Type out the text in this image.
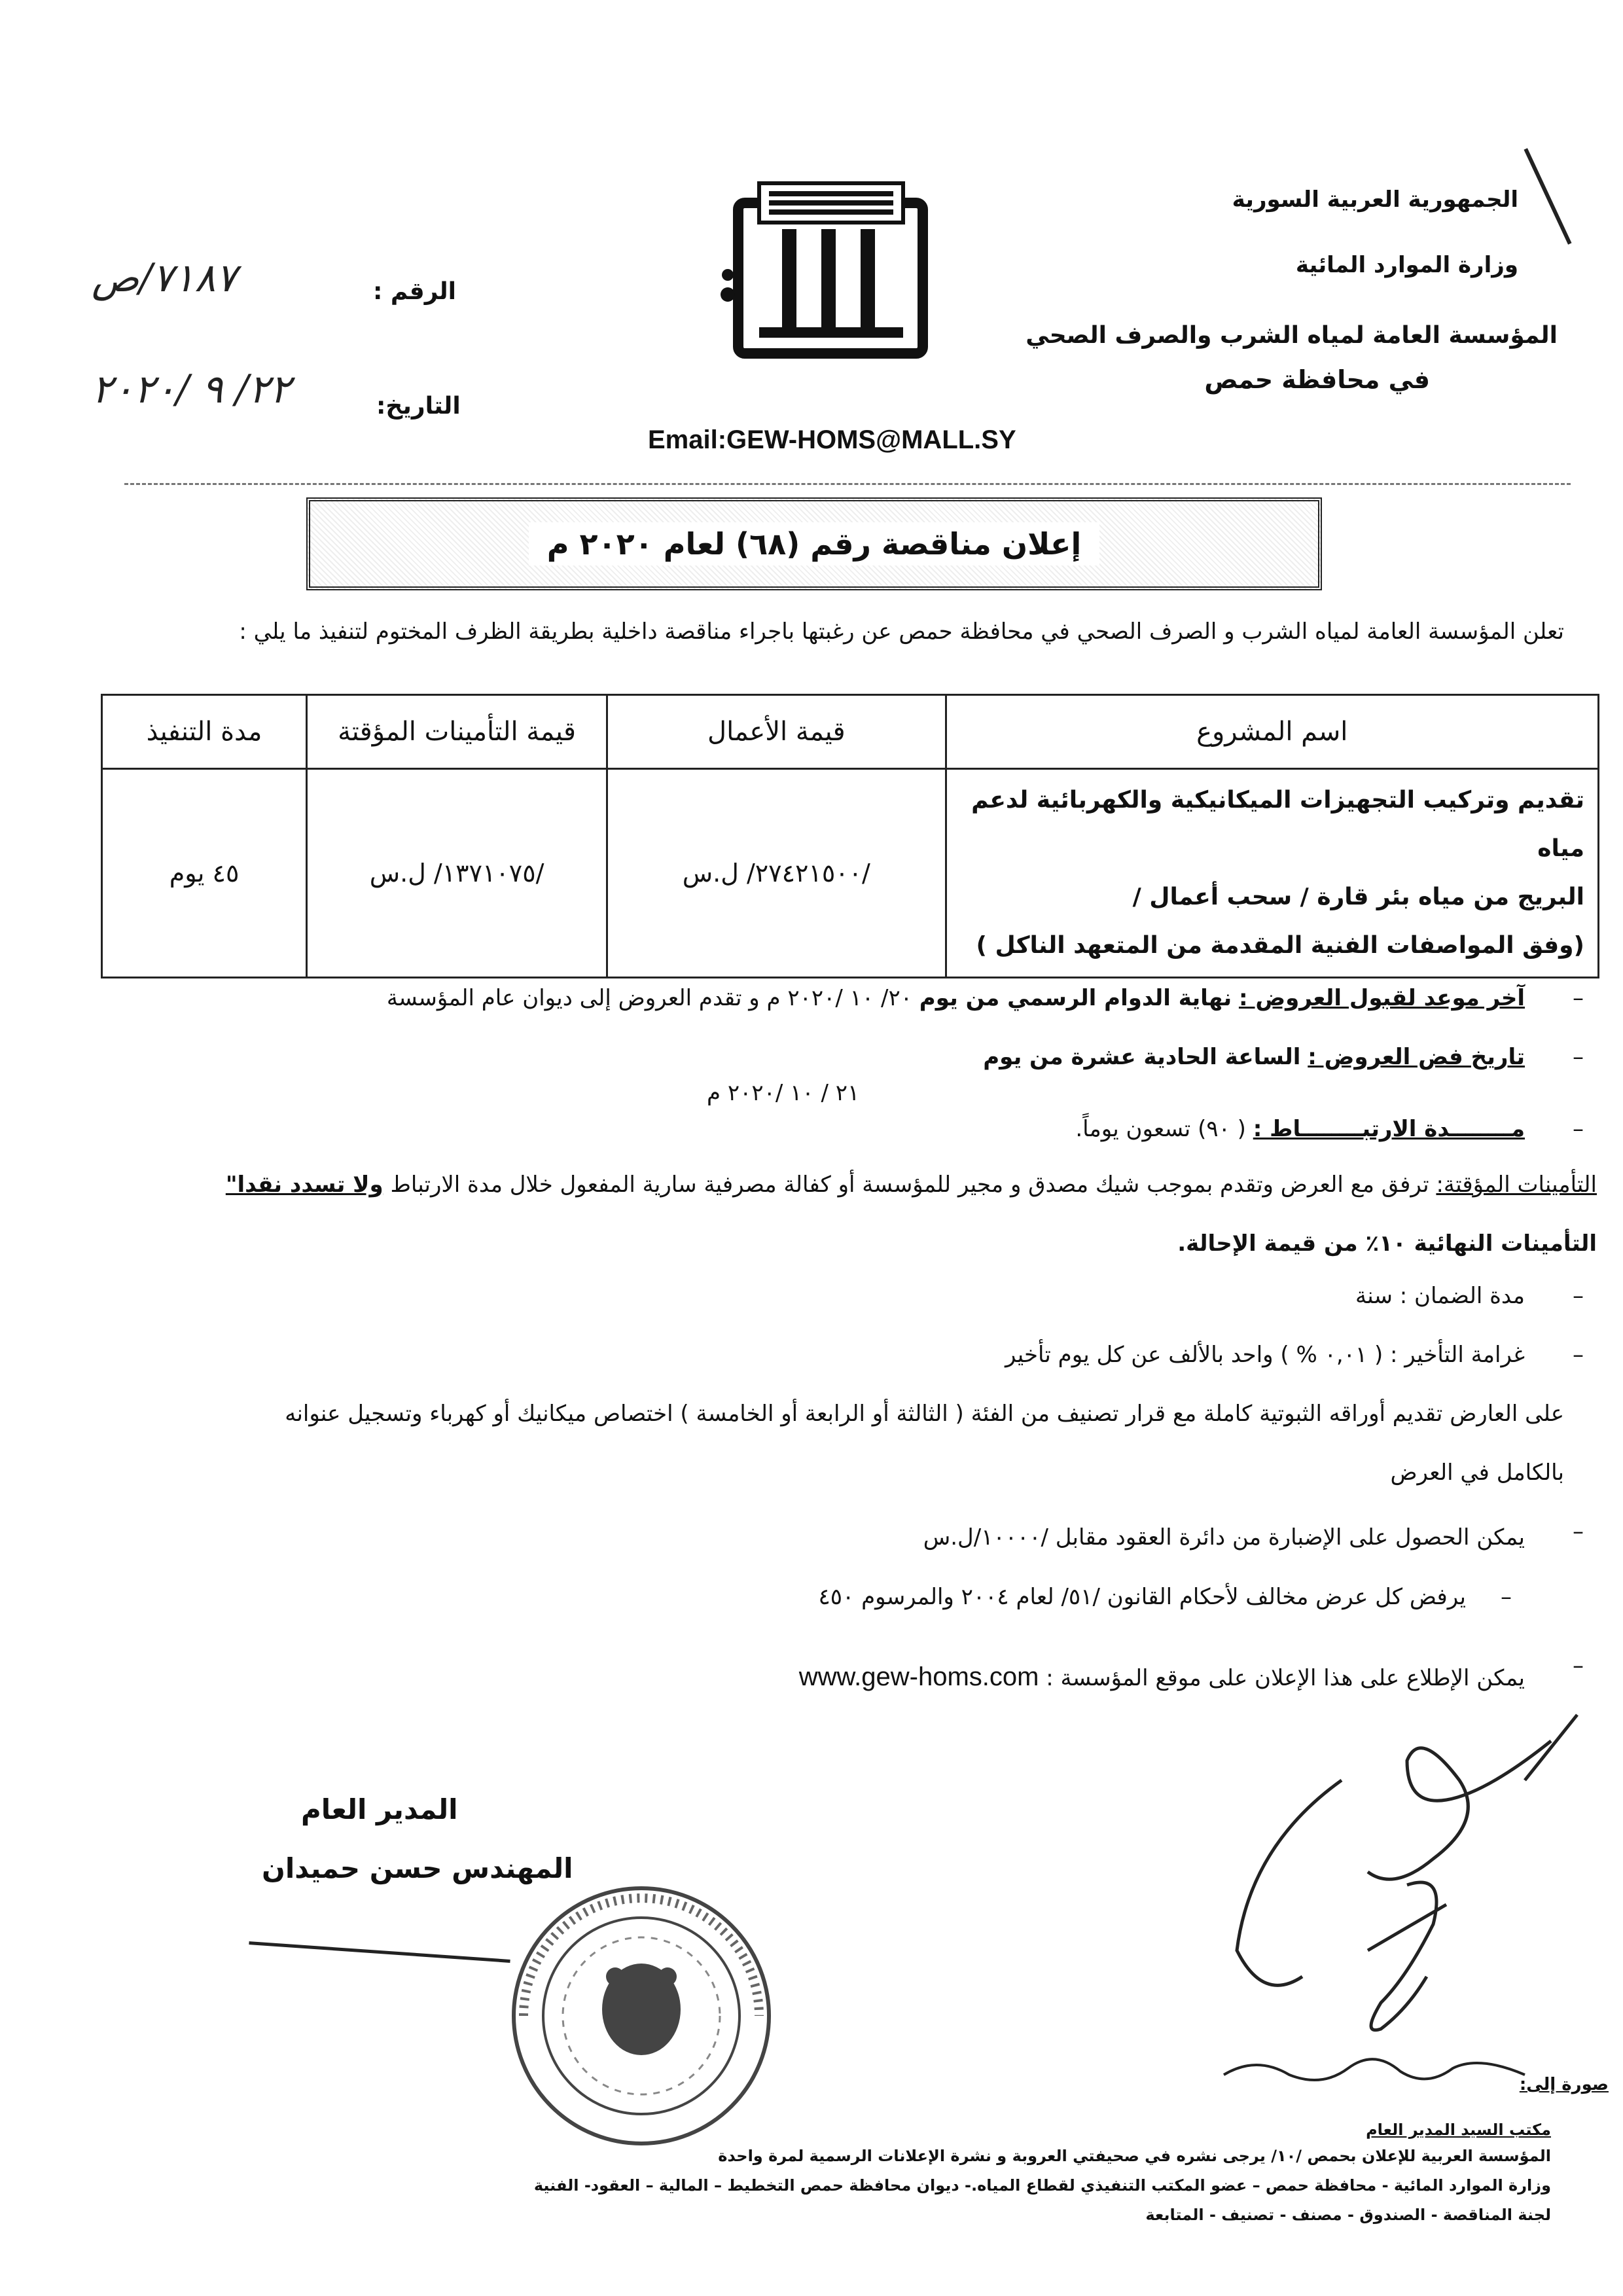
الجمهورية العربية السورية
وزارة الموارد المائية
المؤسسة العامة لمياه الشرب والصرف الصحي
في محافظة حمص
الرقم :
٧١٨٧/ص
التاريخ:
٢٢/ ٩ /٢٠٢٠
Email:GEW-HOMS@MALL.SY
إعلان مناقصة رقم (٦٨) لعام ٢٠٢٠ م
تعلن المؤسسة العامة لمياه الشرب و الصرف الصحي في محافظة حمص عن رغبتها باجراء مناقصة داخلية بطريقة الظرف المختوم لتنفيذ ما يلي :
اسم المشروع	قيمة الأعمال	قيمة التأمينات المؤقتة	مدة التنفيذ

تقديم وتركيب التجهيزات الميكانيكية والكهربائية لدعم مياه
البريج من مياه بئر قارة / سحب أعمال /
(وفق المواصفات الفنية المقدمة من المتعهد الناكل )	/٢٧٤٢١٥٠٠/ ل.س	/١٣٧١٠٧٥/ ل.س	٤٥ يوم
–
آخر موعد لقبول العروض : نهاية الدوام الرسمي من يوم ٢٠/ ١٠ /٢٠٢٠ م و تقدم العروض إلى ديوان عام المؤسسة
–
تاريخ فض العروض : الساعة الحادية عشرة من يوم
٢١ / ١٠ /٢٠٢٠ م
–
مــــــــدة الارتبــــــــاط : ( ٩٠) تسعون يوماً.
التأمينات المؤقتة: ترفق مع العرض وتقدم بموجب شيك مصدق و مجير للمؤسسة أو كفالة مصرفية سارية المفعول خلال مدة الارتباط ولا تسدد نقدا"
التأمينات النهائية ١٠٪ من قيمة الإحالة.
–
مدة الضمان : سنة
–
غرامة التأخير : ( ٠,٠١ % ) واحد بالألف عن كل يوم تأخير
على العارض تقديم أوراقه الثبوتية كاملة مع قرار تصنيف من الفئة ( الثالثة أو الرابعة أو الخامسة ) اختصاص ميكانيك أو كهرباء وتسجيل عنوانه
بالكامل في العرض
–
يمكن الحصول على الإضبارة من دائرة العقود مقابل /١٠٠٠٠/ل.س
–
يرفض كل عرض مخالف لأحكام القانون /٥١/ لعام ٢٠٠٤ والمرسوم ٤٥٠
–
يمكن الإطلاع على هذا الإعلان على موقع المؤسسة : www.gew-homs.com
المدير العام
المهندس حسن حميدان
صورة إلى:
مكتب السيد المدير العام
المؤسسة العربية للإعلان بحمص /١٠/ يرجى نشره في صحيفتي العروبة و نشرة الإعلانات الرسمية لمرة واحدة
وزارة الموارد المائية - محافظة حمص – عضو المكتب التنفيذي لقطاع المياه.- ديوان محافظة حمص التخطيط – المالية – العقود- الفنية
لجنة المناقصة - الصندوق - مصنف - تصنيف - المتابعة
